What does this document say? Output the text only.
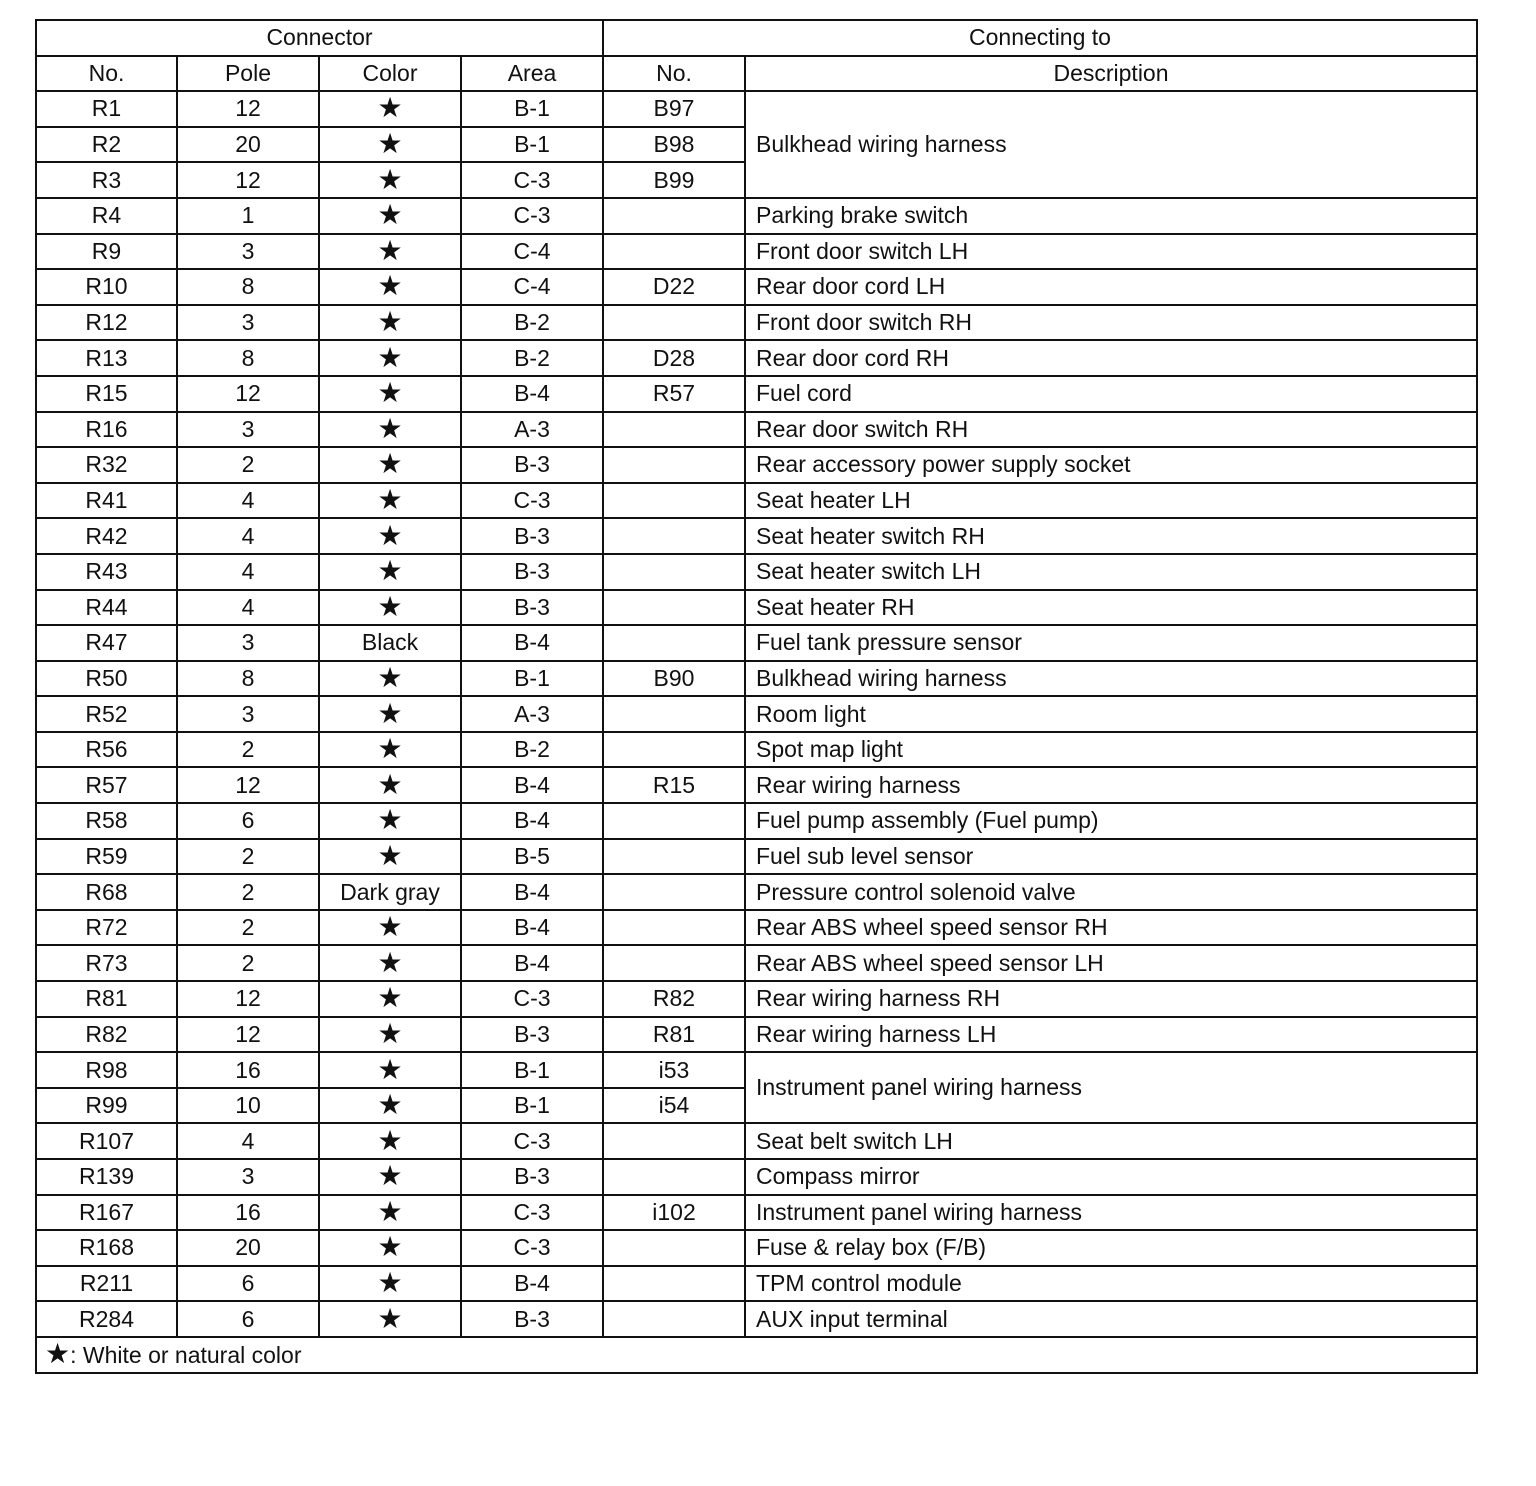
Connector				Connecting to	
No.	Pole	Color	Area	No.	Description
R1	12	★	B-1	B97	Bulkhead wiring harness
R2	20	★	B-1	B98	
R3	12	★	C-3	B99	
R4	1	★	C-3		Parking brake switch
R9	3	★	C-4		Front door switch LH
R10	8	★	C-4	D22	Rear door cord LH
R12	3	★	B-2		Front door switch RH
R13	8	★	B-2	D28	Rear door cord RH
R15	12	★	B-4	R57	Fuel cord
R16	3	★	A-3		Rear door switch RH
R32	2	★	B-3		Rear accessory power supply socket
R41	4	★	C-3		Seat heater LH
R42	4	★	B-3		Seat heater switch RH
R43	4	★	B-3		Seat heater switch LH
R44	4	★	B-3		Seat heater RH
R47	3	Black	B-4		Fuel tank pressure sensor
R50	8	★	B-1	B90	Bulkhead wiring harness
R52	3	★	A-3		Room light
R56	2	★	B-2		Spot map light
R57	12	★	B-4	R15	Rear wiring harness
R58	6	★	B-4		Fuel pump assembly (Fuel pump)
R59	2	★	B-5		Fuel sub level sensor
R68	2	Dark gray	B-4		Pressure control solenoid valve
R72	2	★	B-4		Rear ABS wheel speed sensor RH
R73	2	★	B-4		Rear ABS wheel speed sensor LH
R81	12	★	C-3	R82	Rear wiring harness RH
R82	12	★	B-3	R81	Rear wiring harness LH
R98	16	★	B-1	i53	Instrument panel wiring harness
R99	10	★	B-1	i54	
R107	4	★	C-3		Seat belt switch LH
R139	3	★	B-3		Compass mirror
R167	16	★	C-3	i102	Instrument panel wiring harness
R168	20	★	C-3		Fuse & relay box (F/B)
R211	6	★	B-4		TPM control module
R284	6	★	B-3		AUX input terminal
★: White or natural color					
